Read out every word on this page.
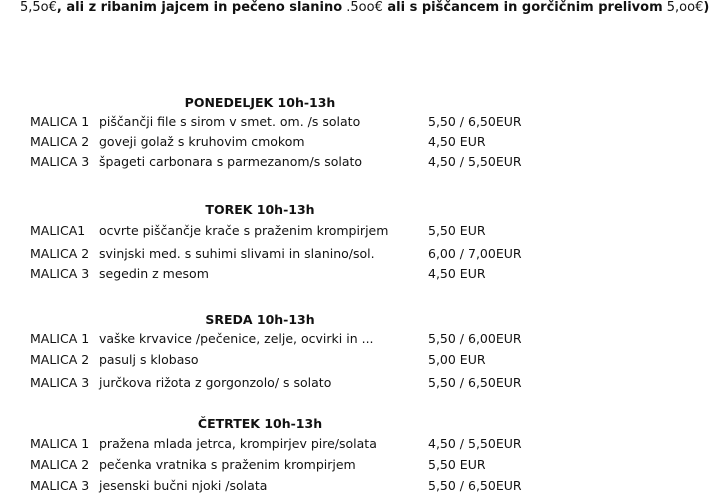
5,5o€, ali z ribanim jajcem in pečeno slanino .5oo€ ali s piščancem in gorčičnim prelivom 5,oo€)
PONEDELJEK 10h-13h
MALICA 1 piščančji file s sirom v smet. om. /s solato	5,50 / 6,50EUR
MALICA 2 goveji golaž s kruhovim cmokom	4,50 EUR
MALICA 3 špageti carbonara s parmezanom/s solato	4,50 / 5,50EUR
TOREK 10h-13h
MALICA1 ocvrte piščančje krače s praženim krompirjem	5,50 EUR
MALICA 2 svinjski med. s suhimi slivami in slanino/sol.	6,00 / 7,00EUR
MALICA 3 segedin z mesom	4,50 EUR
SREDA 10h-13h
MALICA 1 vaške krvavice /pečenice, zelje, ocvirki in ...	5,50 / 6,00EUR
MALICA 2 pasulj s klobaso	5,00 EUR
MALICA 3 jurčkova rižota z gorgonzolo/ s solato	5,50 / 6,50EUR
ČETRTEK 10h-13h
MALICA 1 pražena mlada jetrca, krompirjev pire/solata	4,50 / 5,50EUR
MALICA 2 pečenka vratnika s praženim krompirjem	5,50 EUR
MALICA 3 jesenski bučni njoki /solata	5,50 / 6,50EUR
